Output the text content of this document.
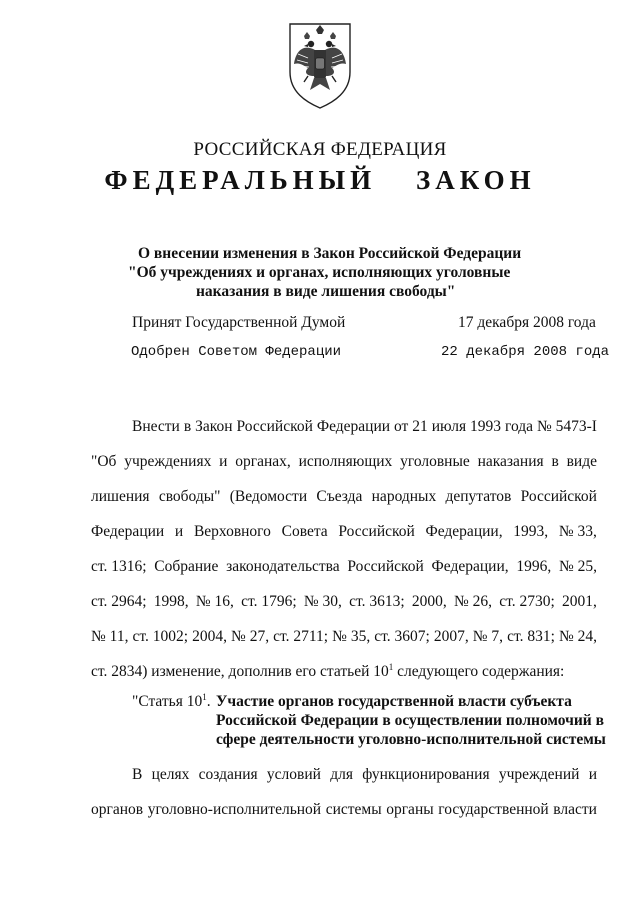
РОССИЙСКАЯ ФЕДЕРАЦИЯ
ФЕДЕРАЛЬНЫЙ ЗАКОН
О внесении изменения в Закон Российской Федерации
"Об учреждениях и органах, исполняющих уголовные
наказания в виде лишения свободы"
Принят Государственной Думой	17 декабря 2008 года
Одобрен Советом Федерации	22 декабря 2008 года
Внести в Закон Российской Федерации от 21 июля 1993 года № 5473-I
"Об учреждениях и органах, исполняющих уголовные наказания в виде
лишения свободы" (Ведомости Съезда народных депутатов Российской
Федерации и Верховного Совета Российской Федерации, 1993, № 33,
ст. 1316; Собрание законодательства Российской Федерации, 1996, № 25,
ст. 2964; 1998, № 16, ст. 1796; № 30, ст. 3613; 2000, № 26, ст. 2730; 2001,
№ 11, ст. 1002; 2004, № 27, ст. 2711; № 35, ст. 3607; 2007, № 7, ст. 831; № 24,
ст. 2834) изменение, дополнив его статьей $10^1$ следующего содержания:
"Статья $10^1$. Участие органов государственной власти субъекта
Российской Федерации в осуществлении полномочий в
сфере деятельности уголовно-исполнительной системы
В целях создания условий для функционирования учреждений и
органов уголовно-исполнительной системы органы государственной власти
